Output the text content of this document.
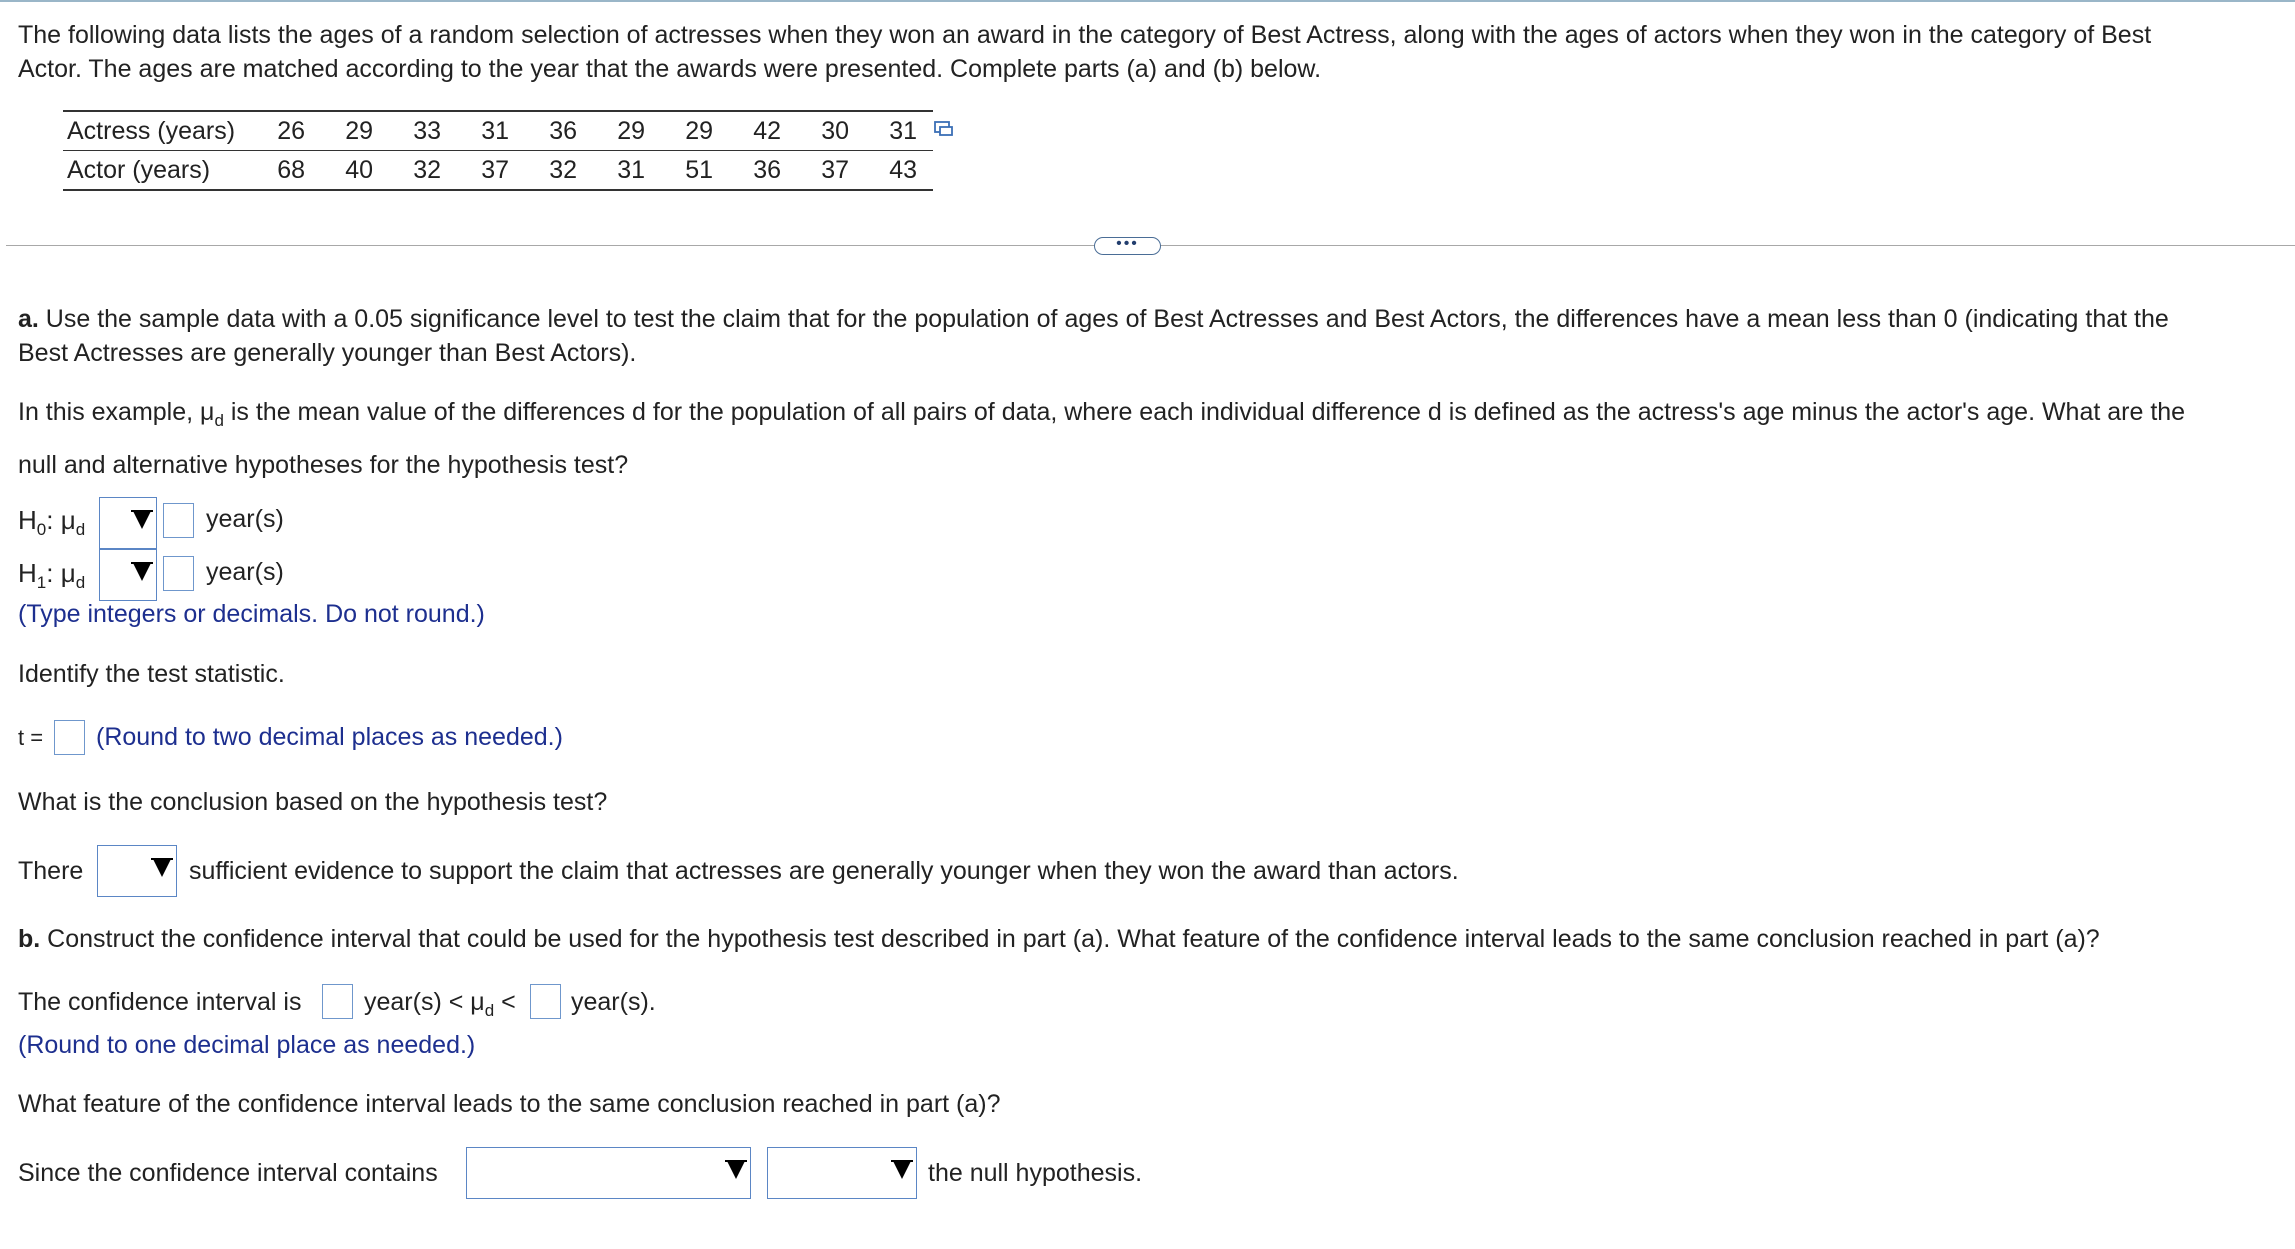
The following data lists the ages of a random selection of actresses when they won an award in the category of Best Actress, along with the ages of actors when they won in the category of Best
Actor. The ages are matched according to the year that the awards were presented. Complete parts (a) and (b) below.
Actress (years)	26	29	33	31	36	29	29	42	30	31
Actor (years)	68	40	32	37	32	31	51	36	37	43
•••
a. Use the sample data with a 0.05 significance level to test the claim that for the population of ages of Best Actresses and Best Actors, the differences have a mean less than 0 (indicating that the
Best Actresses are generally younger than Best Actors).
In this example, $\mu_d$ is the mean value of the differences d for the population of all pairs of data, where each individual difference d is defined as the actress's age minus the actor's age. What are the
null and alternative hypotheses for the hypothesis test?
$H_0$: $\mu_d$	year(s)
$H_1$: $\mu_d$	year(s)
(Type integers or decimals. Do not round.)
Identify the test statistic.
t = (Round to two decimal places as needed.)
What is the conclusion based on the hypothesis test?
There	sufficient evidence to support the claim that actresses are generally younger when they won the award than actors.
b. Construct the confidence interval that could be used for the hypothesis test described in part (a). What feature of the confidence interval leads to the same conclusion reached in part (a)?
The confidence interval is	year(s) < $\mu_d$ < year(s).
(Round to one decimal place as needed.)
What feature of the confidence interval leads to the same conclusion reached in part (a)?
Since the confidence interval contains	the null hypothesis.
